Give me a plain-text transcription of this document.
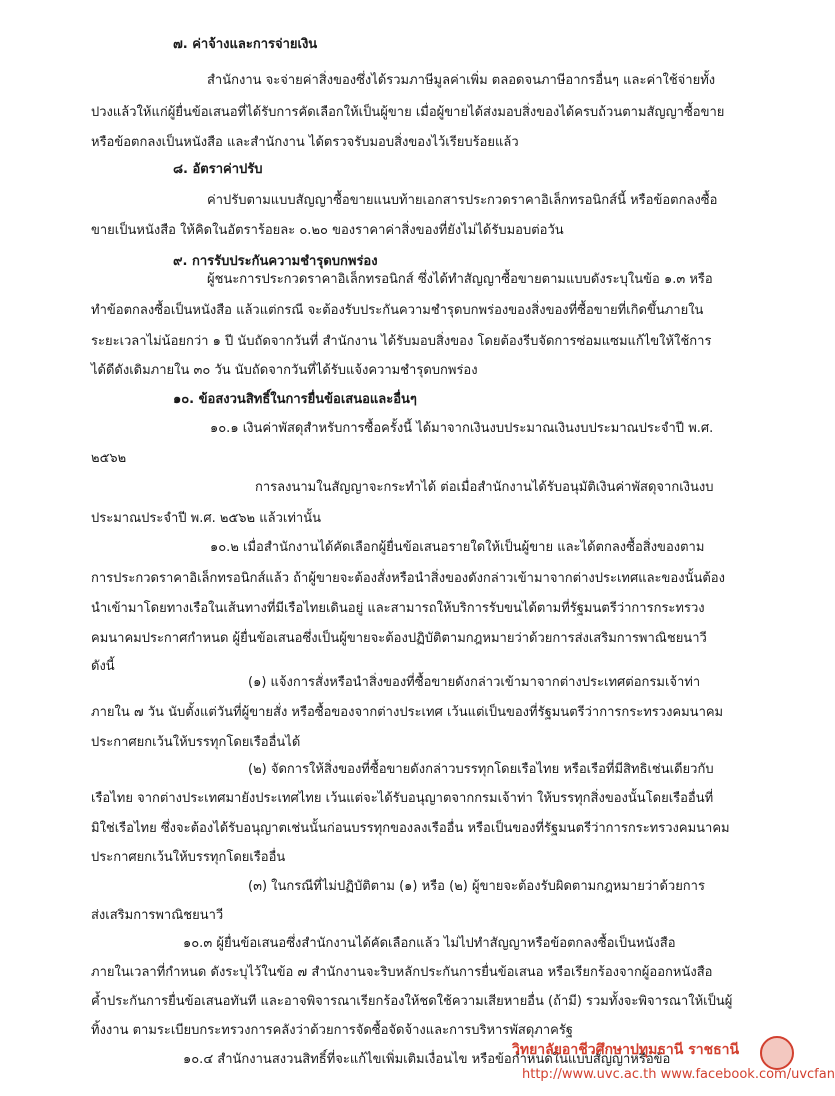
๗. ค่าจ้างและการจ่ายเงิน
สำนักงาน จะจ่ายค่าสิ่งของซึ่งได้รวมภาษีมูลค่าเพิ่ม ตลอดจนภาษีอากรอื่นๆ และค่าใช้จ่ายทั้ง
ปวงแล้วให้แก่ผู้ยื่นข้อเสนอที่ได้รับการคัดเลือกให้เป็นผู้ขาย เมื่อผู้ขายได้ส่งมอบสิ่งของได้ครบถ้วนตามสัญญาซื้อขาย
หรือข้อตกลงเป็นหนังสือ และสำนักงาน ได้ตรวจรับมอบสิ่งของไว้เรียบร้อยแล้ว
๘. อัตราค่าปรับ
ค่าปรับตามแบบสัญญาซื้อขายแนบท้ายเอกสารประกวดราคาอิเล็กทรอนิกส์นี้ หรือข้อตกลงซื้อ
ขายเป็นหนังสือ ให้คิดในอัตราร้อยละ ๐.๒๐ ของราคาค่าสิ่งของที่ยังไม่ได้รับมอบต่อวัน
๙. การรับประกันความชำรุดบกพร่อง
ผู้ชนะการประกวดราคาอิเล็กทรอนิกส์ ซึ่งได้ทำสัญญาซื้อขายตามแบบดังระบุในข้อ ๑.๓ หรือ
ทำข้อตกลงซื้อเป็นหนังสือ แล้วแต่กรณี จะต้องรับประกันความชำรุดบกพร่องของสิ่งของที่ซื้อขายที่เกิดขึ้นภายใน
ระยะเวลาไม่น้อยกว่า ๑ ปี นับถัดจากวันที่ สำนักงาน ได้รับมอบสิ่งของ โดยต้องรีบจัดการซ่อมแซมแก้ไขให้ใช้การ
ได้ดีดังเดิมภายใน ๓๐ วัน นับถัดจากวันที่ได้รับแจ้งความชำรุดบกพร่อง
๑๐. ข้อสงวนสิทธิ์ในการยื่นข้อเสนอและอื่นๆ
๑๐.๑ เงินค่าพัสดุสำหรับการซื้อครั้งนี้ ได้มาจากเงินงบประมาณเงินงบประมาณประจำปี พ.ศ.
๒๕๖๒
การลงนามในสัญญาจะกระทำได้ ต่อเมื่อสำนักงานได้รับอนุมัติเงินค่าพัสดุจากเงินงบ
ประมาณประจำปี พ.ศ. ๒๕๖๒ แล้วเท่านั้น
๑๐.๒ เมื่อสำนักงานได้คัดเลือกผู้ยื่นข้อเสนอรายใดให้เป็นผู้ขาย และได้ตกลงซื้อสิ่งของตาม
การประกวดราคาอิเล็กทรอนิกส์แล้ว ถ้าผู้ขายจะต้องสั่งหรือนำสิ่งของดังกล่าวเข้ามาจากต่างประเทศและของนั้นต้อง
นำเข้ามาโดยทางเรือในเส้นทางที่มีเรือไทยเดินอยู่ และสามารถให้บริการรับขนได้ตามที่รัฐมนตรีว่าการกระทรวง
คมนาคมประกาศกำหนด ผู้ยื่นข้อเสนอซึ่งเป็นผู้ขายจะต้องปฏิบัติตามกฎหมายว่าด้วยการส่งเสริมการพาณิชยนาวี
ดังนี้
(๑) แจ้งการสั่งหรือนำสิ่งของที่ซื้อขายดังกล่าวเข้ามาจากต่างประเทศต่อกรมเจ้าท่า
ภายใน ๗ วัน นับตั้งแต่วันที่ผู้ขายสั่ง หรือซื้อของจากต่างประเทศ เว้นแต่เป็นของที่รัฐมนตรีว่าการกระทรวงคมนาคม
ประกาศยกเว้นให้บรรทุกโดยเรืออื่นได้
(๒) จัดการให้สิ่งของที่ซื้อขายดังกล่าวบรรทุกโดยเรือไทย หรือเรือที่มีสิทธิเช่นเดียวกับ
เรือไทย จากต่างประเทศมายังประเทศไทย เว้นแต่จะได้รับอนุญาตจากกรมเจ้าท่า ให้บรรทุกสิ่งของนั้นโดยเรืออื่นที่
มิใช่เรือไทย ซึ่งจะต้องได้รับอนุญาตเช่นนั้นก่อนบรรทุกของลงเรืออื่น หรือเป็นของที่รัฐมนตรีว่าการกระทรวงคมนาคม
ประกาศยกเว้นให้บรรทุกโดยเรืออื่น
(๓) ในกรณีที่ไม่ปฏิบัติตาม (๑) หรือ (๒) ผู้ขายจะต้องรับผิดตามกฎหมายว่าด้วยการ
ส่งเสริมการพาณิชยนาวี
๑๐.๓ ผู้ยื่นข้อเสนอซึ่งสำนักงานได้คัดเลือกแล้ว ไม่ไปทำสัญญาหรือข้อตกลงซื้อเป็นหนังสือ
ภายในเวลาที่กำหนด ดังระบุไว้ในข้อ ๗ สำนักงานจะริบหลักประกันการยื่นข้อเสนอ หรือเรียกร้องจากผู้ออกหนังสือ
ค้ำประกันการยื่นข้อเสนอทันที และอาจพิจารณาเรียกร้องให้ชดใช้ความเสียหายอื่น (ถ้ามี) รวมทั้งจะพิจารณาให้เป็นผู้
ทิ้งงาน ตามระเบียบกระทรวงการคลังว่าด้วยการจัดซื้อจัดจ้างและการบริหารพัสดุภาครัฐ
๑๐.๔ สำนักงานสงวนสิทธิ์ที่จะแก้ไขเพิ่มเติมเงื่อนไข หรือข้อกำหนดในแบบสัญญาหรือข้อ
วิทยาลัยอาชีวศึกษาปทุมธานี ราชธานี
http://www.uvc.ac.th www.facebook.com/uvcfan
